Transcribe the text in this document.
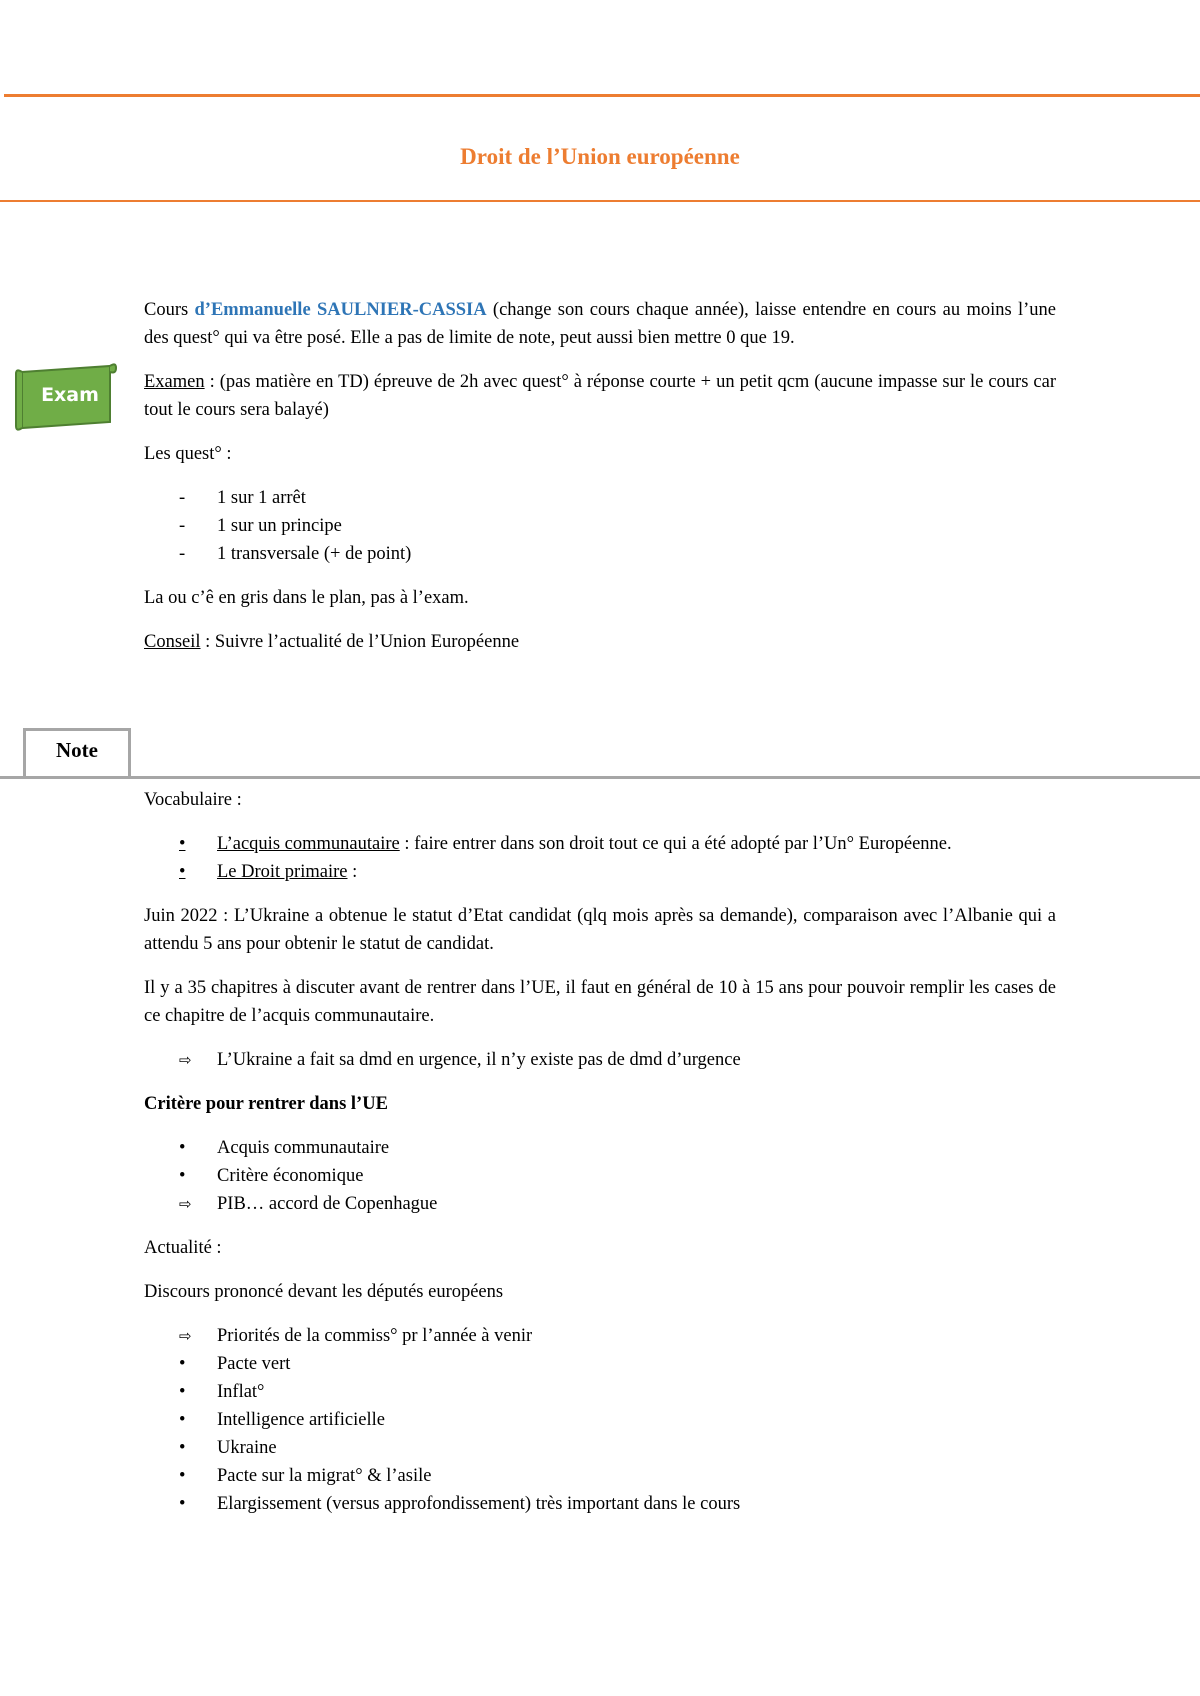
Droit de l’Union européenne
Exam

Cours d’Emmanuelle SAULNIER-CASSIA (change son cours chaque année), laisse entendre en cours au moins l’une des quest° qui va être posé. Elle a pas de limite de note, peut aussi bien mettre 0 que 19.

Examen : (pas matière en TD) épreuve de 2h avec quest° à réponse courte + un petit qcm (aucune impasse sur le cours car tout le cours sera balayé)

Les quest° :

-
1 sur 1 arrêt
-
1 sur un principe
-
1 transversale (+ de point)

La ou c’ê en gris dans le plan, pas à l’exam.

Conseil : Suivre l’actualité de l’Union Européenne

Note

Vocabulaire :

•
L’acquis communautaire : faire entrer dans son droit tout ce qui a été adopté par l’Un° Européenne.
•
Le Droit primaire :

Juin 2022 : L’Ukraine a obtenue le statut d’Etat candidat (qlq mois après sa demande), comparaison avec l’Albanie qui a attendu 5 ans pour obtenir le statut de candidat.

Il y a 35 chapitres à discuter avant de rentrer dans l’UE, il faut en général de 10 à 15 ans pour pouvoir remplir les cases de ce chapitre de l’acquis communautaire.

⇨
L’Ukraine a fait sa dmd en urgence, il n’y existe pas de dmd d’urgence

Critère pour rentrer dans l’UE

•
Acquis communautaire
•
Critère économique
⇨
PIB… accord de Copenhague

Actualité :

Discours prononcé devant les députés européens

⇨
Priorités de la commiss° pr l’année à venir
•
Pacte vert
•
Inflat°
•
Intelligence artificielle
•
Ukraine
•
Pacte sur la migrat° & l’asile
•
Elargissement (versus approfondissement) très important dans le cours
